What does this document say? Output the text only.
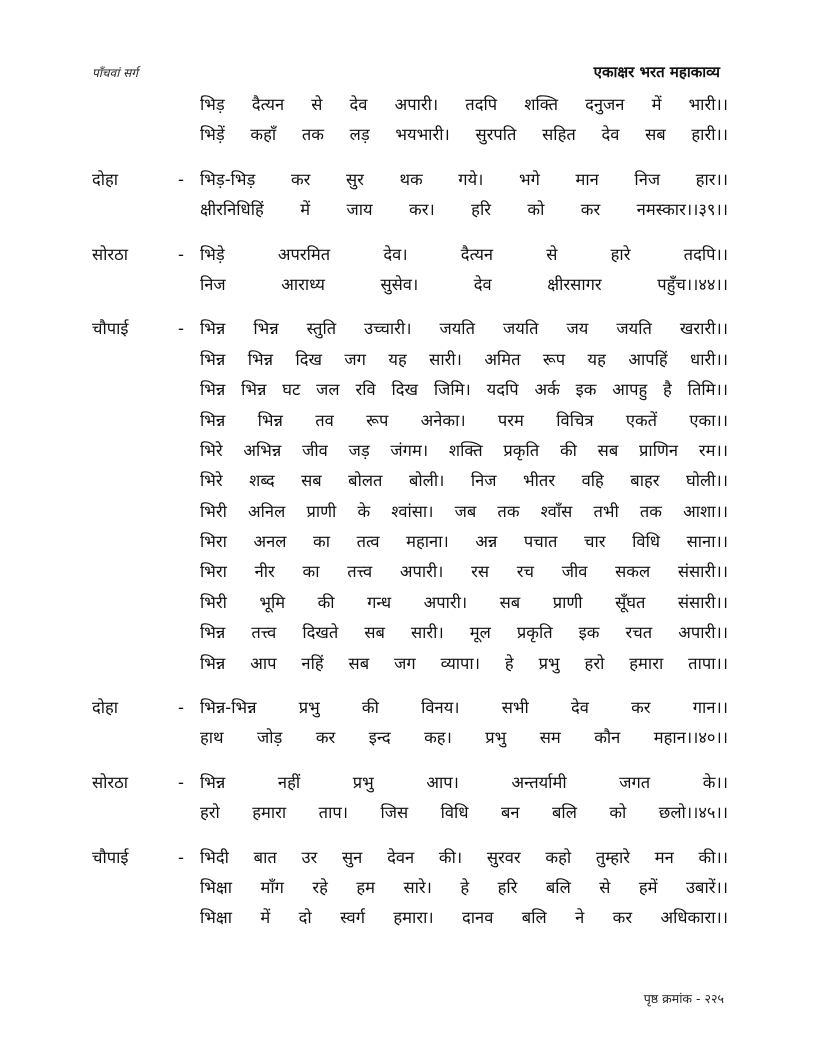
पाँचवां सर्ग	एकाक्षर भरत महाकाव्य
भिड़ दैत्यन से देव अपारी। तदपि शक्ति दनुजन में भारी।।
भिड़ें कहाँ तक लड़ भयभारी। सुरपति सहित देव सब हारी।।
दोहा	- भिड़-भिड़ कर सुर थक गये। भगे मान निज हार।।
क्षीरनिधिहिं में जाय कर। हरि को कर नमस्कार।।३९।।
सोरठा	- भिड़े अपरमित देव। दैत्यन से हारे तदपि।।
निज आराध्य सुसेव। देव क्षीरसागर पहुँच।।४४।।
चौपाई	- भिन्न भिन्न स्तुति उच्चारी। जयति जयति जय जयति खरारी।।
भिन्न भिन्न दिख जग यह सारी। अमित रूप यह आपहिं धारी।।
भिन्न भिन्न घट जल रवि दिख जिमि। यदपि अर्क इक आपहु है तिमि।।
भिन्न भिन्न तव रूप अनेका। परम विचित्र एकतें एका।।
भिरे अभिन्न जीव जड़ जंगम। शक्ति प्रकृति की सब प्राणिन रम।।
भिरे शब्द सब बोलत बोली। निज भीतर वहि बाहर घोली।।
भिरी अनिल प्राणी के श्वांसा। जब तक श्वाँस तभी तक आशा।।
भिरा अनल का तत्व महाना। अन्न पचात चार विधि साना।।
भिरा नीर का तत्त्व अपारी। रस रच जीव सकल संसारी।।
भिरी भूमि की गन्ध अपारी। सब प्राणी सूँघत संसारी।।
भिन्न तत्त्व दिखते सब सारी। मूल प्रकृति इक रचत अपारी।।
भिन्न आप नहिं सब जग व्यापा। हे प्रभु हरो हमारा तापा।।
दोहा	- भिन्न-भिन्न प्रभु की विनय। सभी देव कर गान।।
हाथ जोड़ कर इन्द कह। प्रभु सम कौन महान।।४०।।
सोरठा	- भिन्न नहीं प्रभु आप। अन्तर्यामी जगत के।।
हरो हमारा ताप। जिस विधि बन बलि को छलो।।४५।।
चौपाई	- भिदी बात उर सुन देवन की। सुरवर कहो तुम्हारे मन की।।
भिक्षा माँग रहे हम सारे। हे हरि बलि से हमें उबारें।।
भिक्षा में दो स्वर्ग हमारा। दानव बलि ने कर अधिकारा।।
पृष्ठ क्रमांक - २२५
